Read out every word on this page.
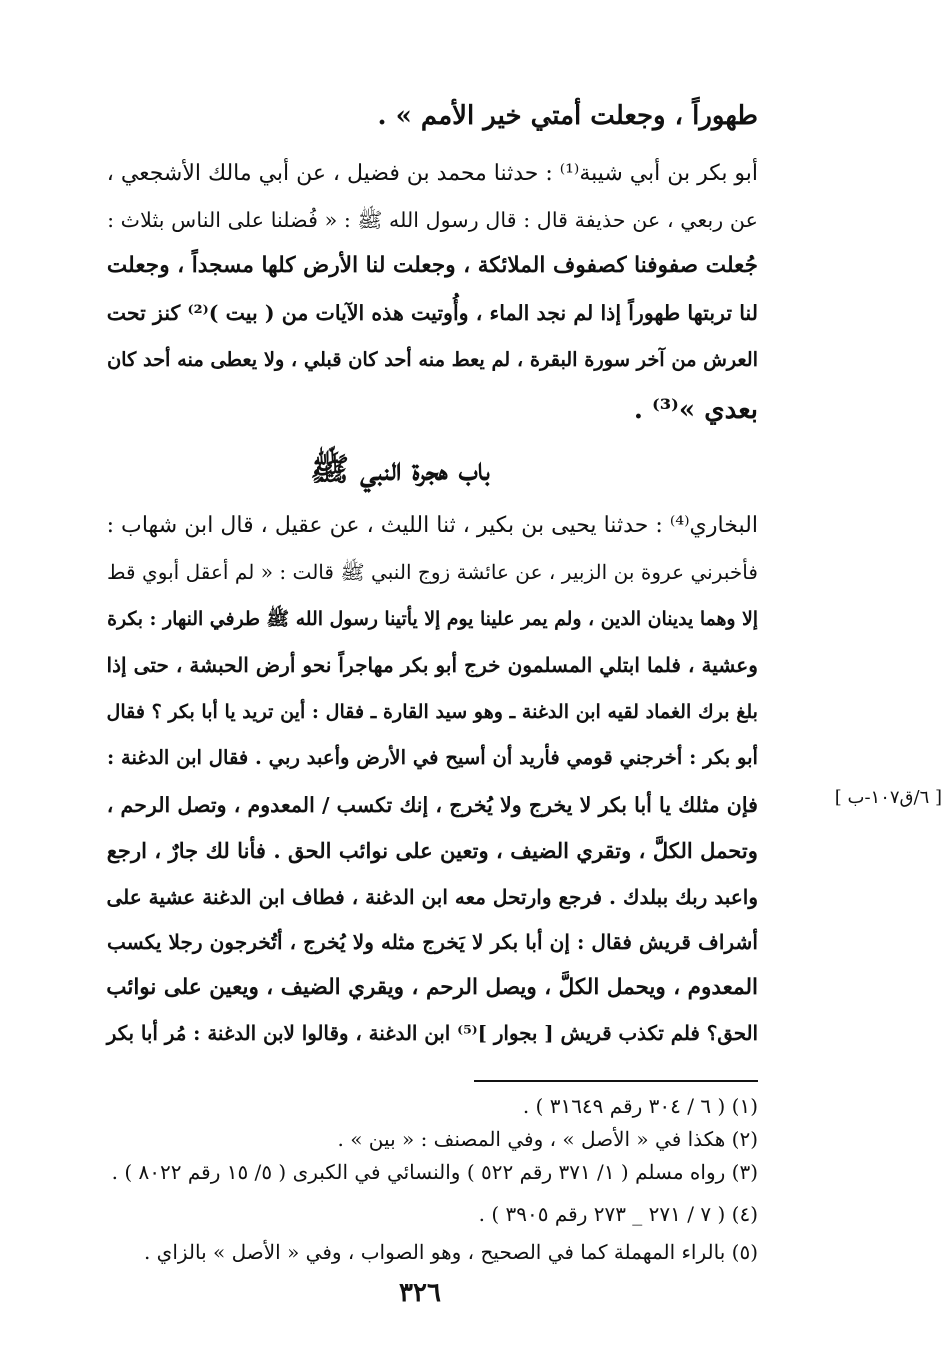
طهوراً ، وجعلت أمتي خير الأمم » .
أبو بكر بن أبي شيبة⁽¹⁾ : حدثنا محمد بن فضيل ، عن أبي مالك الأشجعي ،
عن ربعي ، عن حذيفة قال : قال رسول الله ﷺ : « فُضلنا على الناس بثلاث :
جُعلت صفوفنا كصفوف الملائكة ، وجعلت لنا الأرض كلها مسجداً ، وجعلت
لنا تربتها طهوراً إذا لم نجد الماء ، وأُوتيت هذه الآيات من ( بيت )⁽²⁾ كنز تحت
العرش من آخر سورة البقرة ، لم يعط منه أحد كان قبلي ، ولا يعطى منه أحد كان
بعدي »⁽³⁾ .
باب هجرة النبي ﷺ
البخاري⁽⁴⁾ : حدثنا يحيى بن بكير ، ثنا الليث ، عن عقيل ، قال ابن شهاب :
فأخبرني عروة بن الزبير ، عن عائشة زوج النبي ﷺ قالت : « لم أعقل أبوي قط
إلا وهما يدينان الدين ، ولم يمر علينا يوم إلا يأتينا رسول الله ﷺ طرفي النهار : بكرة
وعشية ، فلما ابتلي المسلمون خرج أبو بكر مهاجراً نحو أرض الحبشة ، حتى إذا
بلغ برك الغماد لقيه ابن الدغنة ـ وهو سيد القارة ـ فقال : أين تريد يا أبا بكر ؟ فقال
أبو بكر : أخرجني قومي فأريد أن أسيح في الأرض وأعبد ربي . فقال ابن الدغنة :
فإن مثلك يا أبا بكر لا يخرج ولا يُخرج ، إنك تكسب / المعدوم ، وتصل الرحم ،
وتحمل الكلَّ ، وتقري الضيف ، وتعين على نوائب الحق . فأنا لك جارٌ ، ارجع
واعبد ربك ببلدك . فرجع وارتحل معه ابن الدغنة ، فطاف ابن الدغنة عشية على
أشراف قريش فقال : إن أبا بكر لا يَخرج مثله ولا يُخرج ، أتُخرجون رجلا يكسب
المعدوم ، ويحمل الكلَّ ، ويصل الرحم ، ويقري الضيف ، ويعين على نوائب
الحق؟ فلم تكذب قريش [ بجوار ]⁽⁵⁾ ابن الدغنة ، وقالوا لابن الدغنة : مُر أبا بكر
[ ٦/ق١٠٧-ب ]
(١) ( ٦ / ٣٠٤ رقم ٣١٦٤٩ ) .
(٢) هكذا في « الأصل » ، وفي المصنف : « بين » .
(٣) رواه مسلم ( ١/ ٣٧١ رقم ٥٢٢ ) والنسائي في الكبرى ( ٥/ ١٥ رقم ٨٠٢٢ ) .
(٤) ( ٧ / ٢٧١ _ ٢٧٣ رقم ٣٩٠٥ ) .
(٥) بالراء المهملة كما في الصحيح ، وهو الصواب ، وفي « الأصل » بالزاي .
٣٢٦
